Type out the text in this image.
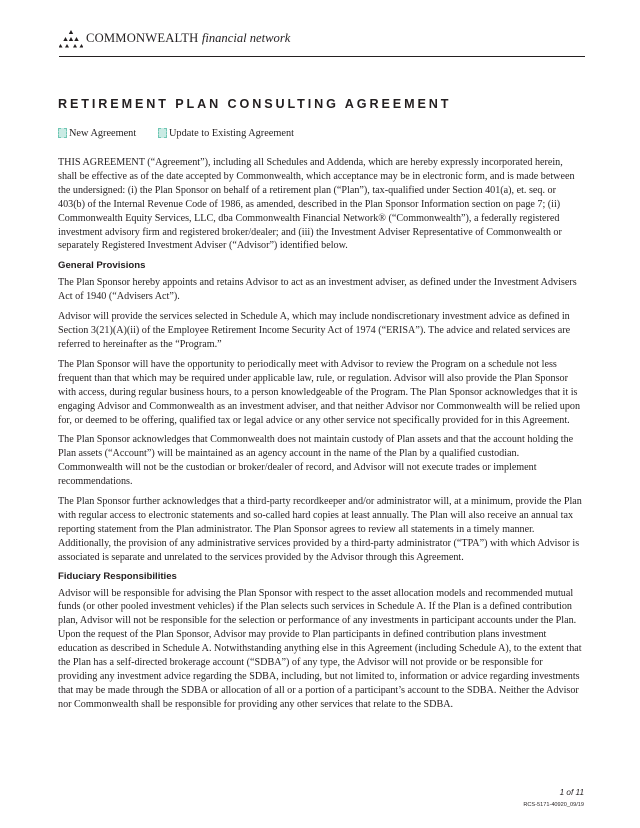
COMMONWEALTH financial network
RETIREMENT PLAN CONSULTING AGREEMENT
New Agreement	Update to Existing Agreement

THIS AGREEMENT (“Agreement”), including all Schedules and Addenda, which are hereby expressly incorporated herein, shall be effective as of the date accepted by Commonwealth, which acceptance may be in electronic form, and is made between the undersigned: (i) the Plan Sponsor on behalf of a retirement plan (“Plan”), tax-qualified under Section 401(a), et. seq. or 403(b) of the Internal Revenue Code of 1986, as amended, described in the Plan Sponsor Information section on page 7; (ii) Commonwealth Equity Services, LLC, dba Commonwealth Financial Network® (“Commonwealth”), a federally registered investment advisory firm and registered broker/dealer; and (iii) the Investment Adviser Representative of Commonwealth or separately Registered Investment Adviser (“Advisor”) identified below.

General Provisions

The Plan Sponsor hereby appoints and retains Advisor to act as an investment adviser, as defined under the Investment Advisers Act of 1940 (“Advisers Act”).

Advisor will provide the services selected in Schedule A, which may include nondiscretionary investment advice as defined in Section 3(21)(A)(ii) of the Employee Retirement Income Security Act of 1974 (“ERISA”). The advice and related services are referred to hereinafter as the “Program.”

The Plan Sponsor will have the opportunity to periodically meet with Advisor to review the Program on a schedule not less frequent than that which may be required under applicable law, rule, or regulation. Advisor will also provide the Plan Sponsor with access, during regular business hours, to a person knowledgeable of the Program. The Plan Sponsor acknowledges that it is engaging Advisor and Commonwealth as an investment adviser, and that neither Advisor nor Commonwealth will be relied upon for, or deemed to be offering, qualified tax or legal advice or any other service not specifically provided for in this Agreement.

The Plan Sponsor acknowledges that Commonwealth does not maintain custody of Plan assets and that the account holding the Plan assets (“Account”) will be maintained as an agency account in the name of the Plan by a qualified custodian. Commonwealth will not be the custodian or broker/dealer of record, and Advisor will not execute trades or implement recommendations.

The Plan Sponsor further acknowledges that a third-party recordkeeper and/or administrator will, at a minimum, provide the Plan with regular access to electronic statements and so-called hard copies at least annually. The Plan will also receive an annual tax reporting statement from the Plan administrator. The Plan Sponsor agrees to review all statements in a timely manner. Additionally, the provision of any administrative services provided by a third-party administrator (“TPA”) with which Advisor is associated is separate and unrelated to the services provided by the Advisor through this Agreement.

Fiduciary Responsibilities

Advisor will be responsible for advising the Plan Sponsor with respect to the asset allocation models and recommended mutual funds (or other pooled investment vehicles) if the Plan selects such services in Schedule A. If the Plan is a defined contribution plan, Advisor will not be responsible for the selection or performance of any investments in participant accounts under the Plan. Upon the request of the Plan Sponsor, Advisor may provide to Plan participants in defined contribution plans investment education as described in Schedule A. Notwithstanding anything else in this Agreement (including Schedule A), to the extent that the Plan has a self-directed brokerage account (“SDBA”) of any type, the Advisor will not provide or be responsible for providing any investment advice regarding the SDBA, including, but not limited to, information or advice regarding investments that may be made through the SDBA or allocation of all or a portion of a participant’s account to the SDBA. Neither the Advisor nor Commonwealth shall be responsible for providing any other services that relate to the SDBA.

1 of 11
RCS-5171-40920_09/19
